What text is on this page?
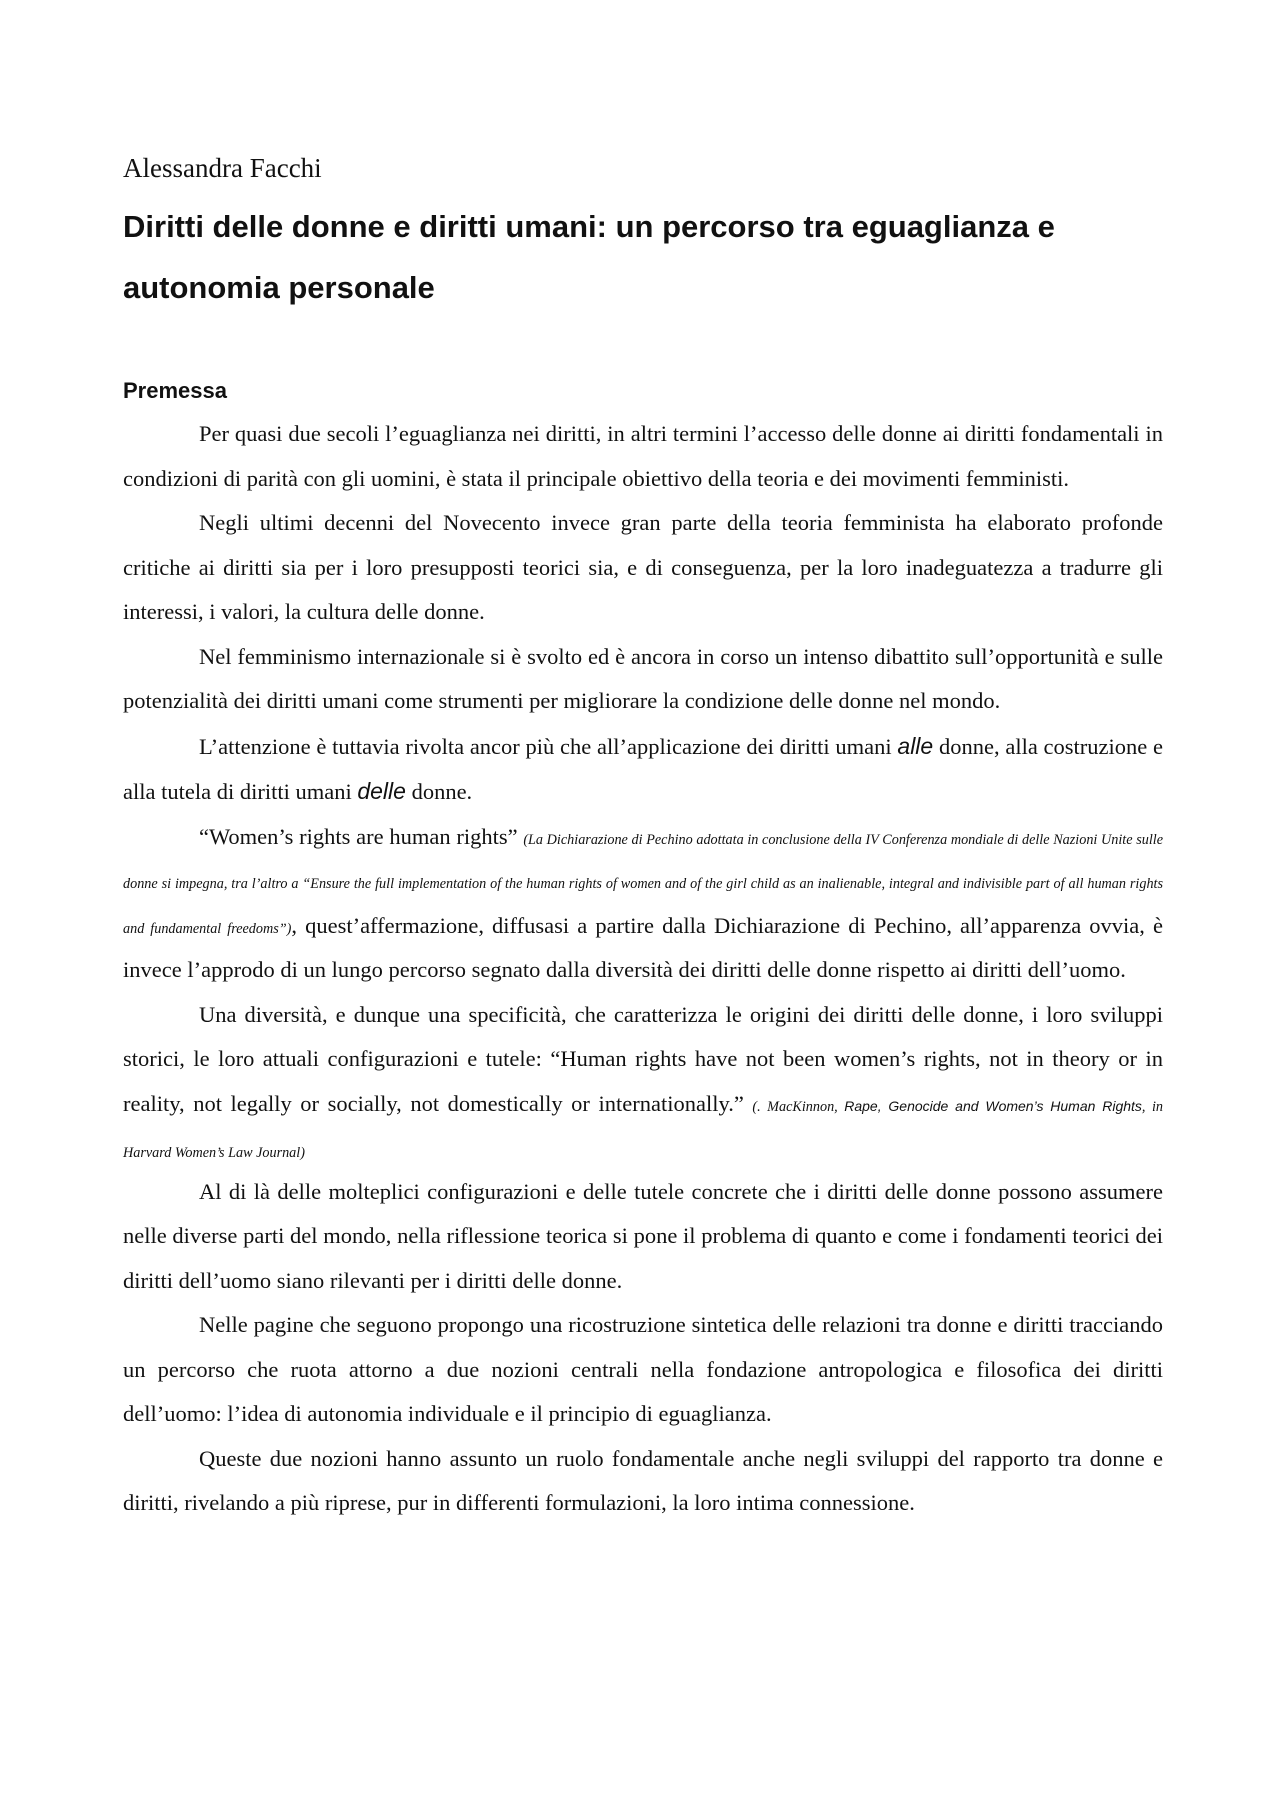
Alessandra Facchi
Diritti delle donne e diritti umani: un percorso tra eguaglianza e autonomia personale
Premessa

Per quasi due secoli l’eguaglianza nei diritti, in altri termini l’accesso delle donne ai diritti fondamentali in condizioni di parità con gli uomini, è stata il principale obiettivo della teoria e dei movimenti femministi.

Negli ultimi decenni del Novecento invece gran parte della teoria femminista ha elaborato profonde critiche ai diritti sia per i loro presupposti teorici sia, e di conseguenza, per la loro inadeguatezza a tradurre gli interessi, i valori, la cultura delle donne.

Nel femminismo internazionale si è svolto ed è ancora in corso un intenso dibattito sull’opportunità e sulle potenzialità dei diritti umani come strumenti per migliorare la condizione delle donne nel mondo.

L’attenzione è tuttavia rivolta ancor più che all’applicazione dei diritti umani alle donne, alla costruzione e alla tutela di diritti umani delle donne.

“Women’s rights are human rights” (La Dichiarazione di Pechino adottata in conclusione della IV Conferenza mondiale di delle Nazioni Unite sulle donne si impegna, tra l’altro a “Ensure the full implementation of the human rights of women and of the girl child as an inalienable, integral and indivisible part of all human rights and fundamental freedoms”), quest’affermazione, diffusasi a partire dalla Dichiarazione di Pechino, all’apparenza ovvia, è invece l’approdo di un lungo percorso segnato dalla diversità dei diritti delle donne rispetto ai diritti dell’uomo.

Una diversità, e dunque una specificità, che caratterizza le origini dei diritti delle donne, i loro sviluppi storici, le loro attuali configurazioni e tutele: “Human rights have not been women’s rights, not in theory or in reality, not legally or socially, not domestically or internationally.” (. MacKinnon, Rape, Genocide and Women’s Human Rights, in Harvard Women’s Law Journal)

Al di là delle molteplici configurazioni e delle tutele concrete che i diritti delle donne possono assumere nelle diverse parti del mondo, nella riflessione teorica si pone il problema di quanto e come i fondamenti teorici dei diritti dell’uomo siano rilevanti per i diritti delle donne.

Nelle pagine che seguono propongo una ricostruzione sintetica delle relazioni tra donne e diritti tracciando un percorso che ruota attorno a due nozioni centrali nella fondazione antropologica e filosofica dei diritti dell’uomo: l’idea di autonomia individuale e il principio di eguaglianza.

Queste due nozioni hanno assunto un ruolo fondamentale anche negli sviluppi del rapporto tra donne e diritti, rivelando a più riprese, pur in differenti formulazioni, la loro intima connessione.
